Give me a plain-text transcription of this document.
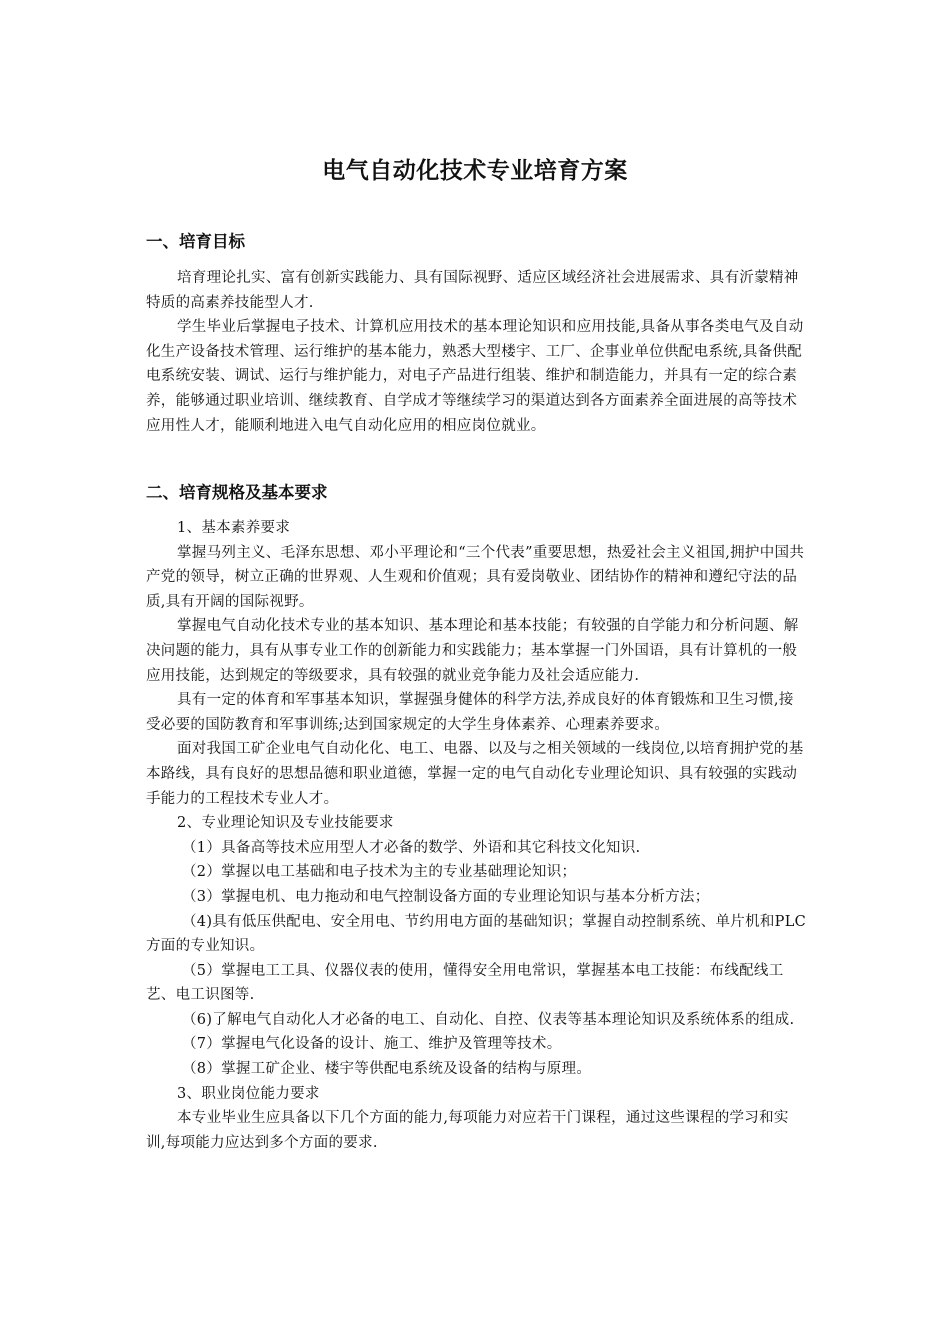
电气自动化技术专业培育方案
一、培育目标

培育理论扎实、富有创新实践能力、具有国际视野、适应区域经济社会进展需求、具有沂蒙精神特质的高素养技能型人才.

学生毕业后掌握电子技术、计算机应用技术的基本理论知识和应用技能,具备从事各类电气及自动化生产设备技术管理、运行维护的基本能力，熟悉大型楼宇、工厂、企事业单位供配电系统,具备供配电系统安装、调试、运行与维护能力，对电子产品进行组装、维护和制造能力，并具有一定的综合素养，能够通过职业培训、继续教育、自学成才等继续学习的渠道达到各方面素养全面进展的高等技术应用性人才，能顺利地进入电气自动化应用的相应岗位就业。

二、培育规格及基本要求

1、基本素养要求

掌握马列主义、毛泽东思想、邓小平理论和“三个代表”重要思想，热爱社会主义祖国,拥护中国共产党的领导，树立正确的世界观、人生观和价值观；具有爱岗敬业、团结协作的精神和遵纪守法的品质,具有开阔的国际视野。

掌握电气自动化技术专业的基本知识、基本理论和基本技能；有较强的自学能力和分析问题、解决问题的能力，具有从事专业工作的创新能力和实践能力；基本掌握一门外国语，具有计算机的一般应用技能，达到规定的等级要求，具有较强的就业竞争能力及社会适应能力.

具有一定的体育和军事基本知识，掌握强身健体的科学方法,养成良好的体育锻炼和卫生习惯,接受必要的国防教育和军事训练;达到国家规定的大学生身体素养、心理素养要求。

面对我国工矿企业电气自动化化、电工、电器、以及与之相关领域的一线岗位,以培育拥护党的基本路线，具有良好的思想品德和职业道德，掌握一定的电气自动化专业理论知识、具有较强的实践动手能力的工程技术专业人才。

2、专业理论知识及专业技能要求

（1）具备高等技术应用型人才必备的数学、外语和其它科技文化知识.

（2）掌握以电工基础和电子技术为主的专业基础理论知识；

（3）掌握电机、电力拖动和电气控制设备方面的专业理论知识与基本分析方法；

（4)具有低压供配电、安全用电、节约用电方面的基础知识；掌握自动控制系统、单片机和PLC方面的专业知识。

（5）掌握电工工具、仪器仪表的使用，懂得安全用电常识，掌握基本电工技能：布线配线工艺、电工识图等.

（6)了解电气自动化人才必备的电工、自动化、自控、仪表等基本理论知识及系统体系的组成.

（7）掌握电气化设备的设计、施工、维护及管理等技术。

（8）掌握工矿企业、楼宇等供配电系统及设备的结构与原理。

3、职业岗位能力要求

本专业毕业生应具备以下几个方面的能力,每项能力对应若干门课程，通过这些课程的学习和实训,每项能力应达到多个方面的要求.
